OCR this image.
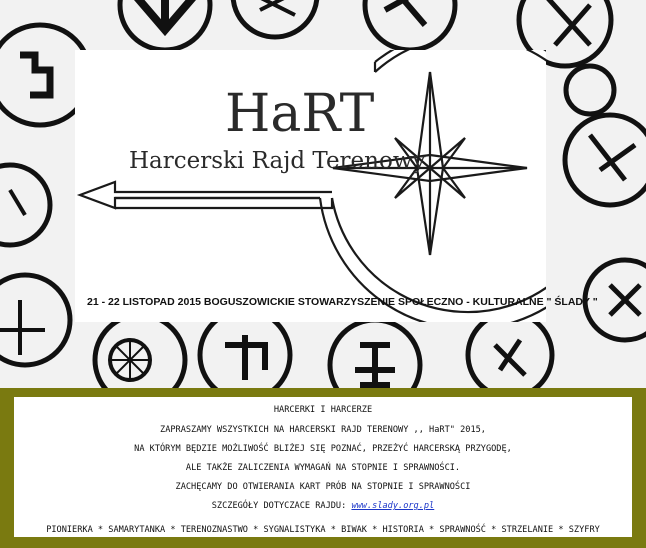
HaRT
Harcerski Rajd Terenowy
21 - 22 LISTOPAD 2015 BOGUSZOWICKIE STOWARZYSZENIE SPOŁECZNO - KULTURALNE " ŚLADY "
HARCERKI I HARCERZE
ZAPRASZAMY WSZYSTKICH NA HARCERSKI RAJD TERENOWY ,, HaRT" 2015,
NA KTÓRYM BĘDZIE MOŻLIWOŚĆ BLIŻEJ SIĘ POZNAĆ, PRZEŻYĆ HARCERSKĄ PRZYGODĘ,
ALE TAKŻE ZALICZENIA WYMAGAŃ NA STOPNIE I SPRAWNOŚCI.
ZACHĘCAMY DO OTWIERANIA KART PRÓB NA STOPNIE I SPRAWNOŚCI
SZCZEGÓŁY DOTYCZACE RAJDU: www.slady.org.pl
PIONIERKA * SAMARYTANKA * TERENOZNASTWO * SYGNALISTYKA * BIWAK * HISTORIA * SPRAWNOŚĆ * STRZELANIE * SZYFRY
